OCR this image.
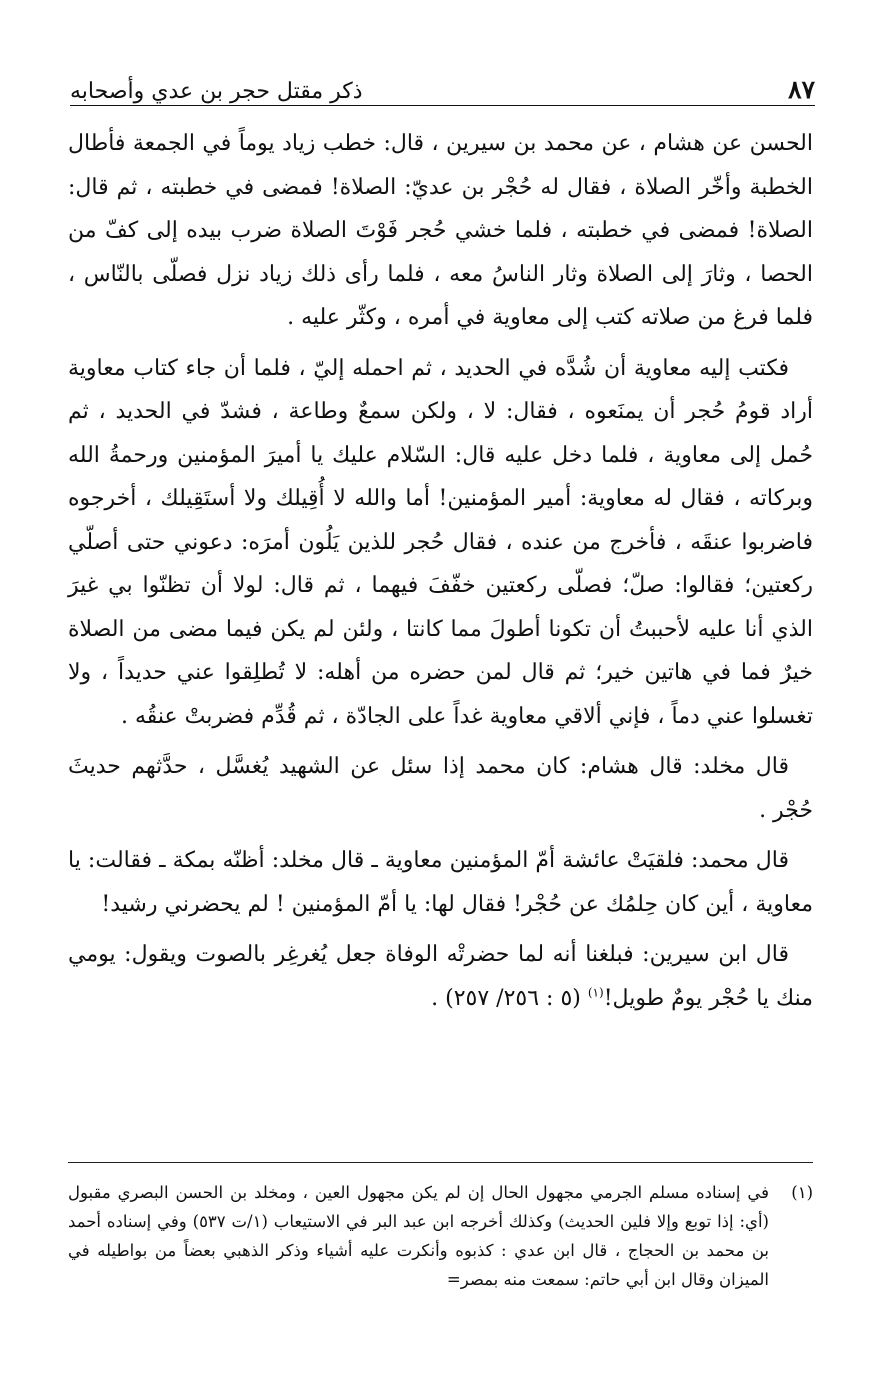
ذكر مقتل حجر بن عدي وأصحابه	٨٧

الحسن عن هشام ، عن محمد بن سيرين ، قال: خطب زياد يوماً في الجمعة فأطال الخطبة وأخّر الصلاة ، فقال له حُجْر بن عديّ: الصلاة! فمضى في خطبته ، ثم قال: الصلاة! فمضى في خطبته ، فلما خشي حُجر فَوْتَ الصلاة ضرب بيده إلى كفّ من الحصا ، وثارَ إلى الصلاة وثار الناسُ معه ، فلما رأى ذلك زياد نزل فصلّى بالنّاس ، فلما فرغ من صلاته كتب إلى معاوية في أمره ، وكثّر عليه .

فكتب إليه معاوية أن شُدَّه في الحديد ، ثم احمله إليّ ، فلما أن جاء كتاب معاوية أراد قومُ حُجر أن يمنَعوه ، فقال: لا ، ولكن سمعٌ وطاعة ، فشدّ في الحديد ، ثم حُمل إلى معاوية ، فلما دخل عليه قال: السّلام عليك يا أميرَ المؤمنين ورحمةُ الله وبركاته ، فقال له معاوية: أمير المؤمنين! أما والله لا أُقِيلك ولا أستَقِيلك ، أخرجوه فاضربوا عنقَه ، فأخرج من عنده ، فقال حُجر للذين يَلُون أمرَه: دعوني حتى أصلّي ركعتين؛ فقالوا: صلّ؛ فصلّى ركعتين خفّفَ فيهما ، ثم قال: لولا أن تظنّوا بي غيرَ الذي أنا عليه لأحببتُ أن تكونا أطولَ مما كانتا ، ولئن لم يكن فيما مضى من الصلاة خيرٌ فما في هاتين خير؛ ثم قال لمن حضره من أهله: لا تُطلِقوا عني حديداً ، ولا تغسلوا عني دماً ، فإني ألاقي معاوية غداً على الجادّة ، ثم قُدِّم فضربتْ عنقُه .

قال مخلد: قال هشام: كان محمد إذا سئل عن الشهيد يُغسَّل ، حدَّثهم حديثَ حُجْر .

قال محمد: فلقيَتْ عائشة أمّ المؤمنين معاوية ـ قال مخلد: أظنّه بمكة ـ فقالت: يا معاوية ، أين كان حِلمُك عن حُجْر! فقال لها: يا أمّ المؤمنين ! لم يحضرني رشيد!

قال ابن سيرين: فبلغنا أنه لما حضرتْه الوفاة جعل يُغرغِر بالصوت ويقول: يومي منك يا حُجْر يومٌ طويل!$^{(١)}$ (٥ : ٢٥٦/ ٢٥٧) .

(١)
في إسناده مسلم الجرمي مجهول الحال إن لم يكن مجهول العين ، ومخلد بن الحسن البصري مقبول (أي: إذا توبع وإلا فلين الحديث) وكذلك أخرجه ابن عبد البر في الاستيعاب (١/ت ٥٣٧) وفي إسناده أحمد بن محمد بن الحجاج ، قال ابن عدي : كذبوه وأنكرت عليه أشياء وذكر الذهبي بعضاً من بواطيله في الميزان وقال ابن أبي حاتم: سمعت منه بمصر=
